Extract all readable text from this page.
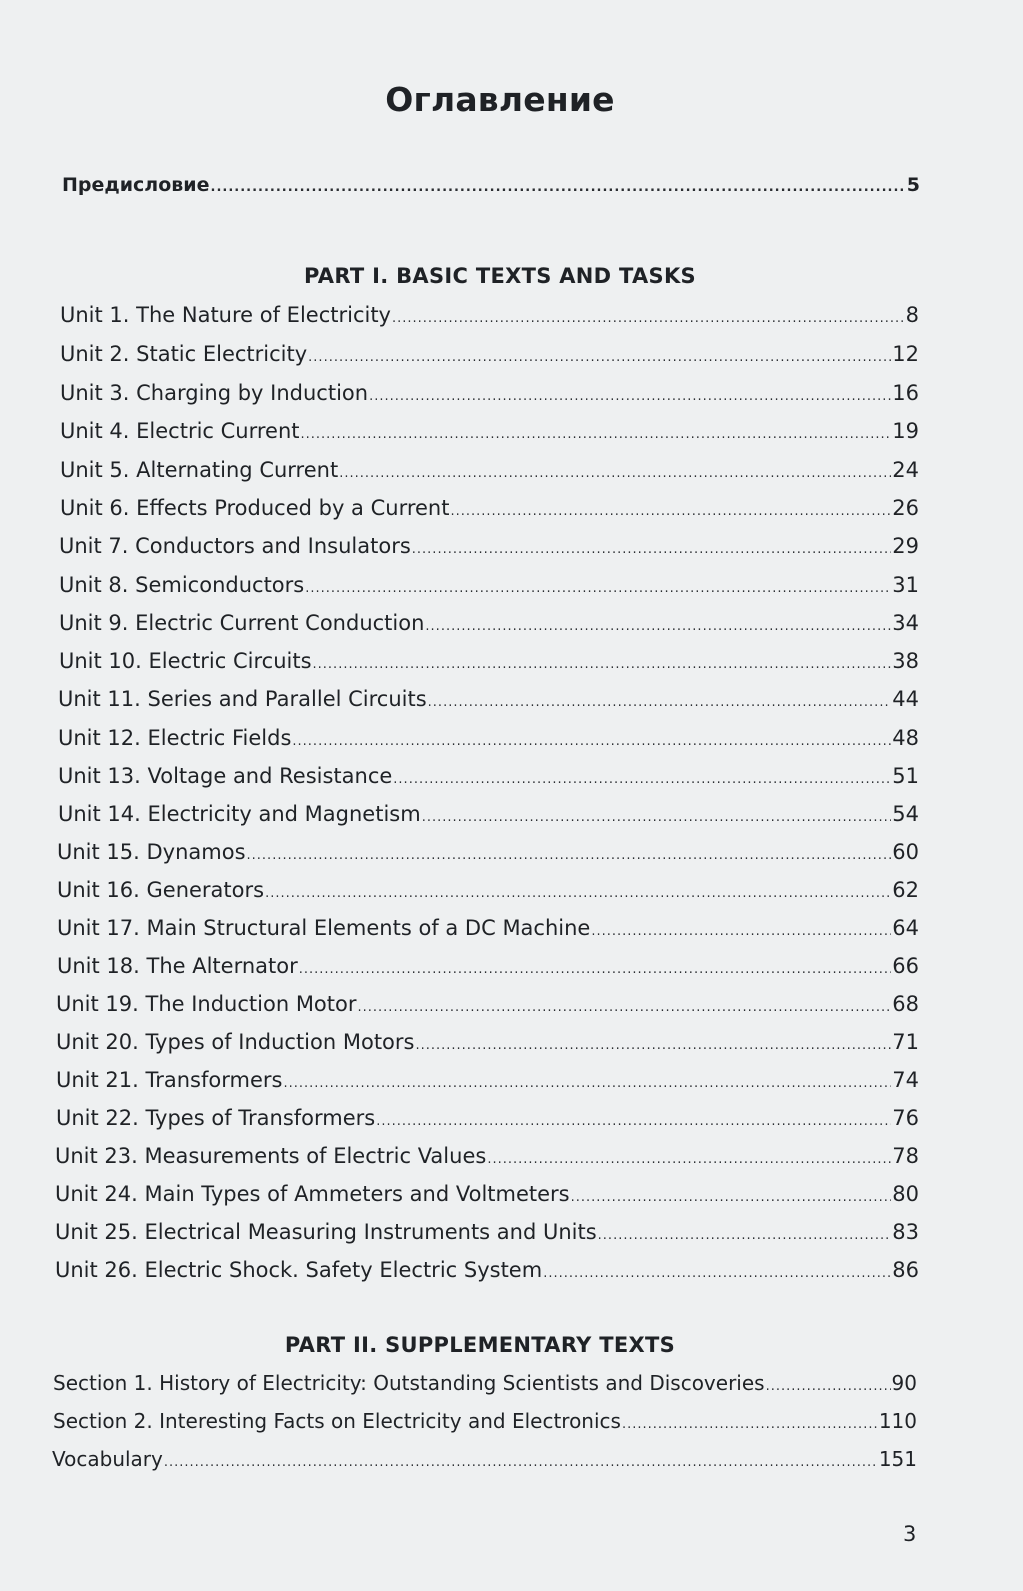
Оглавление
Предисловие .....	5
PART I. BASIC TEXTS AND TASKS
Unit 1. The Nature of Electricity .....	8
Unit 2. Static Electricity .....	12
Unit 3. Charging by Induction .....	16
Unit 4. Electric Current .....	19
Unit 5. Alternating Current .....	24
Unit 6. Effects Produced by a Current .....	26
Unit 7. Conductors and Insulators .....	29
Unit 8. Semiconductors .....	31
Unit 9. Electric Current Conduction .....	34
Unit 10. Electric Circuits .....	38
Unit 11. Series and Parallel Circuits .....	44
Unit 12. Electric Fields .....	48
Unit 13. Voltage and Resistance .....	51
Unit 14. Electricity and Magnetism .....	54
Unit 15. Dynamos .....	60
Unit 16. Generators .....	62
Unit 17. Main Structural Elements of a DC Machine .....	64
Unit 18. The Alternator .....	66
Unit 19. The Induction Motor .....	68
Unit 20. Types of Induction Motors .....	71
Unit 21. Transformers .....	74
Unit 22. Types of Transformers .....	76
Unit 23. Measurements of Electric Values .....	78
Unit 24. Main Types of Ammeters and Voltmeters .....	80
Unit 25. Electrical Measuring Instruments and Units .....	83
Unit 26. Electric Shock. Safety Electric System .....	86
PART II. SUPPLEMENTARY TEXTS
Section 1. History of Electricity: Outstanding Scientists and Discoveries .....	90
Section 2. Interesting Facts on Electricity and Electronics .....	110
Vocabulary .....	151
3
